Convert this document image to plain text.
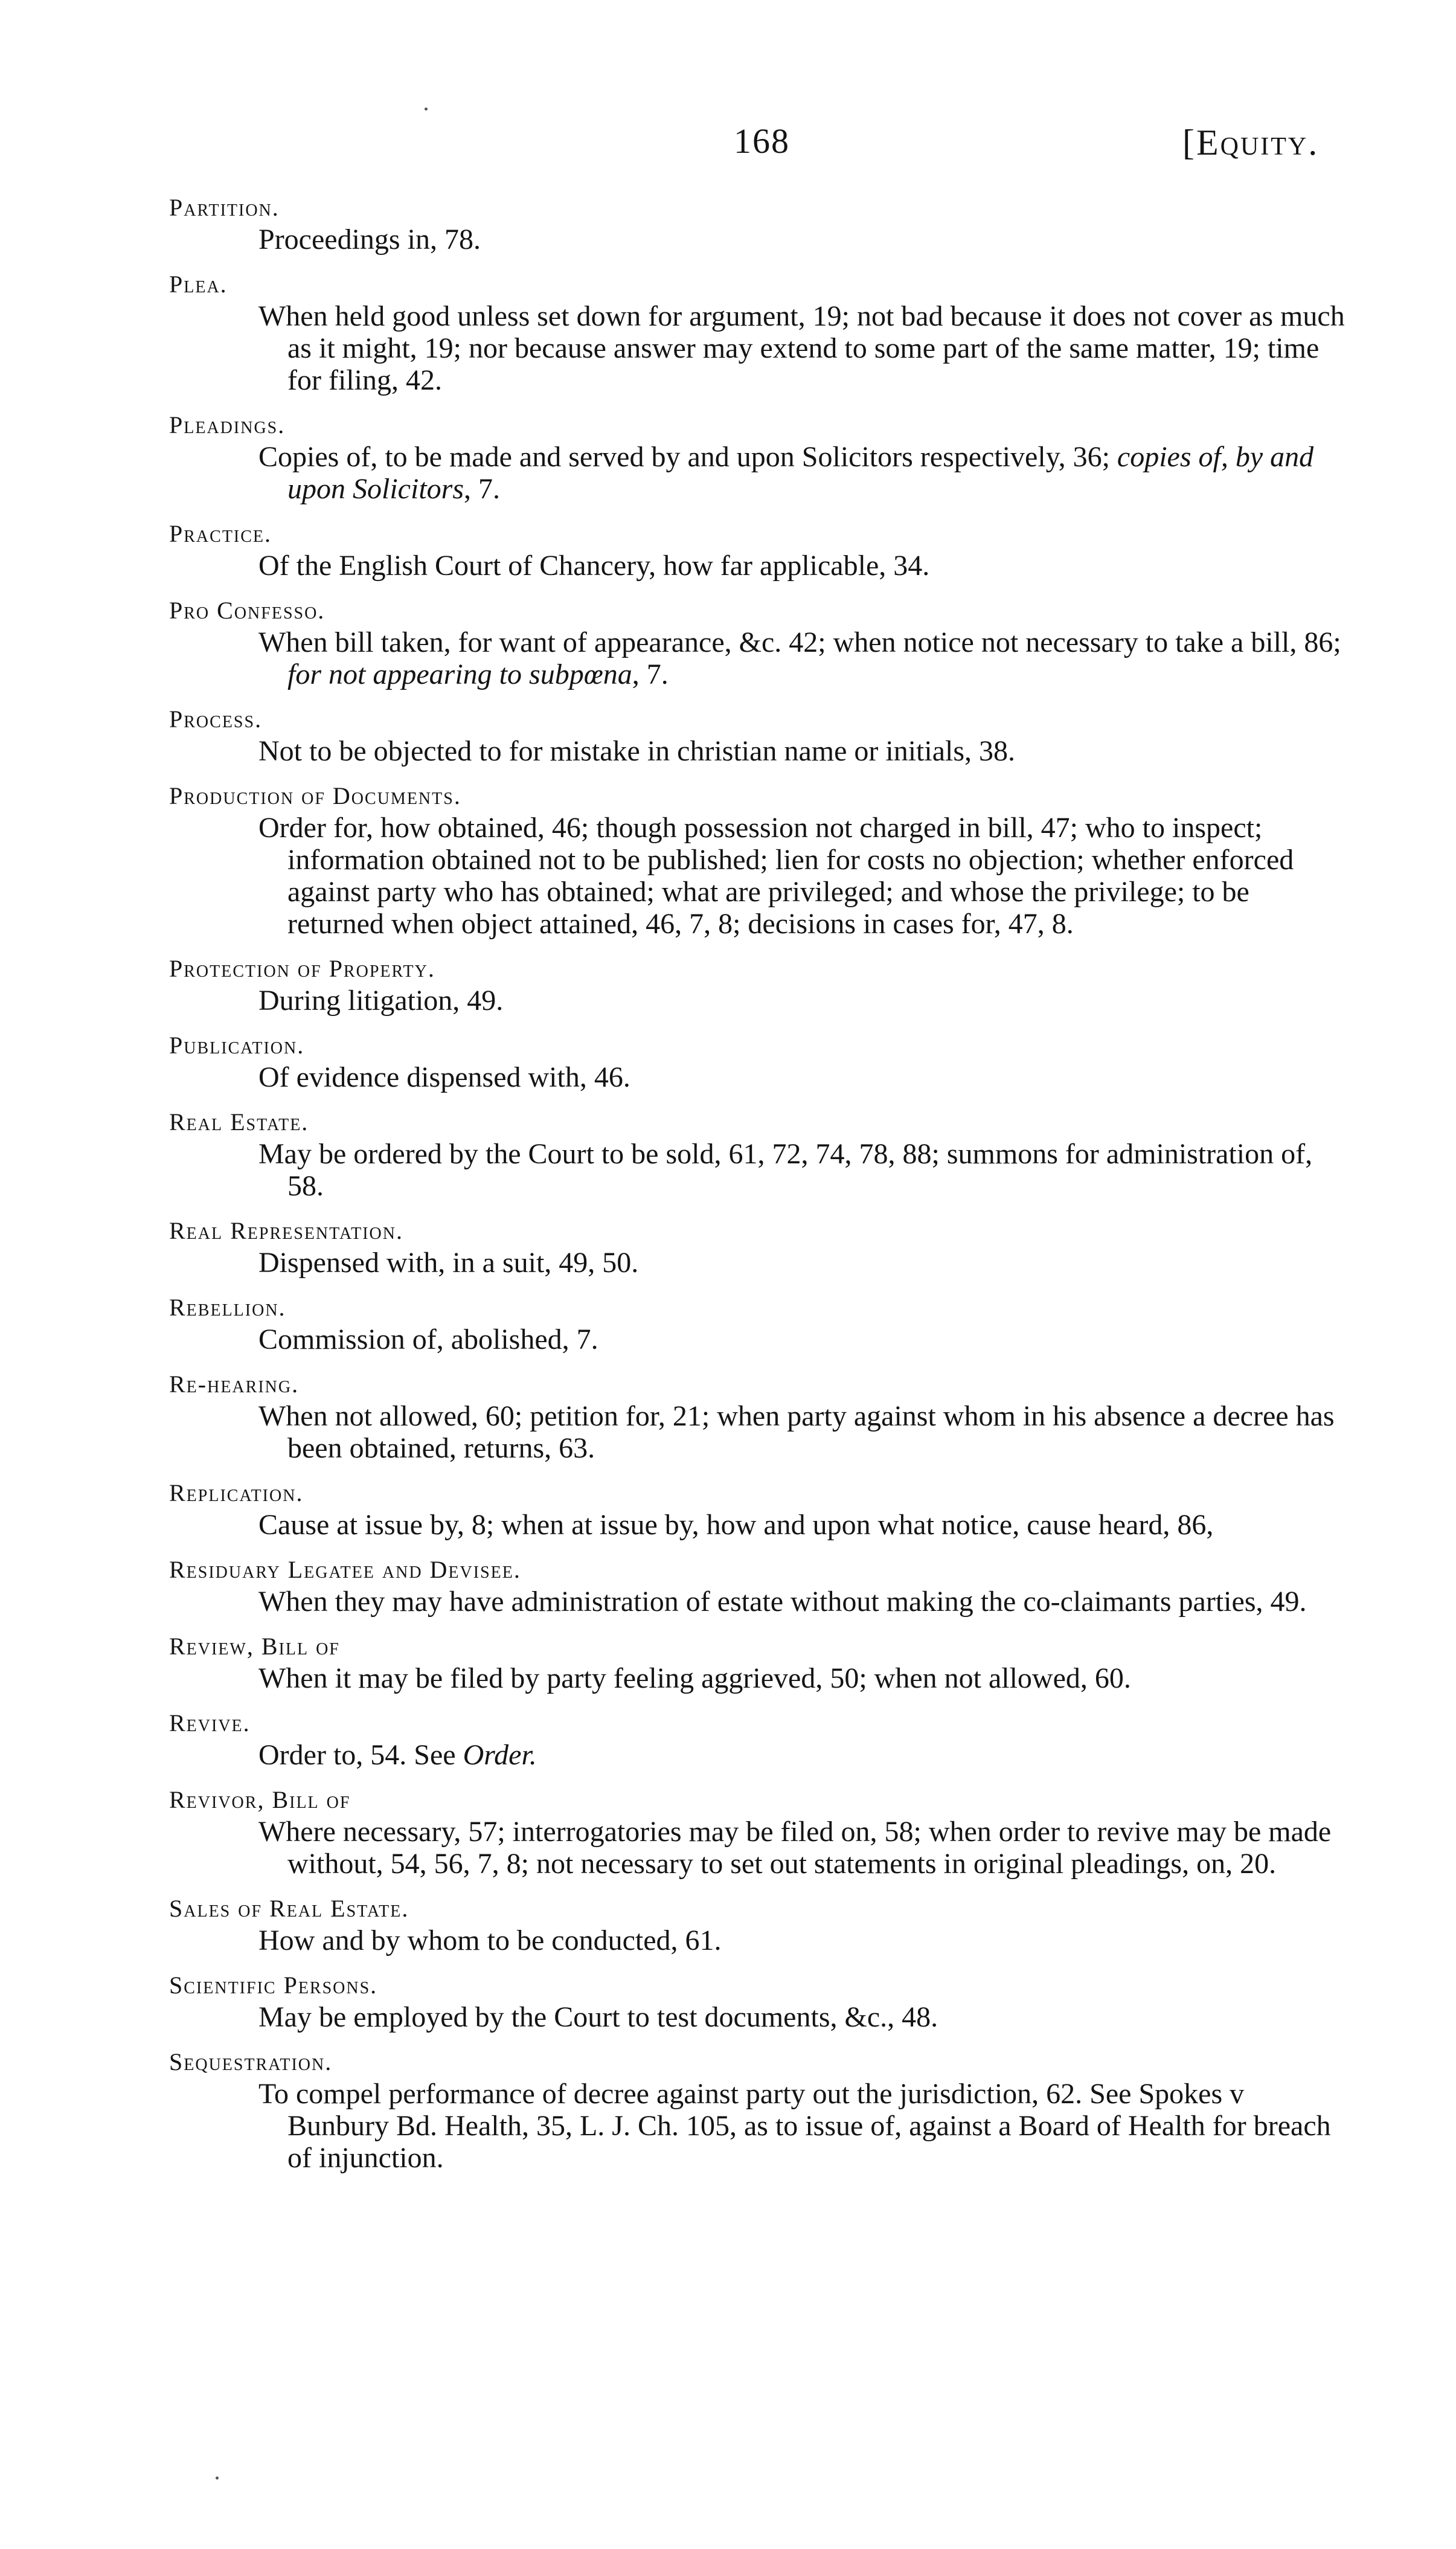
168	[Equity.
Partition.
Proceedings in, 78.
Plea.
When held good unless set down for argument, 19; not bad because it does not cover as much as it might, 19; nor because answer may extend to some part of the same matter, 19; time for filing, 42.
Pleadings.
Copies of, to be made and served by and upon Solicitors respectively, 36; copies of, by and upon Solicitors, 7.
Practice.
Of the English Court of Chancery, how far applicable, 34.
Pro Confesso.
When bill taken, for want of appearance, &c. 42; when notice not necessary to take a bill, 86; for not appearing to subpœna, 7.
Process.
Not to be objected to for mistake in christian name or initials, 38.
Production of Documents.
Order for, how obtained, 46; though possession not charged in bill, 47; who to inspect; information obtained not to be published; lien for costs no objection; whether enforced against party who has obtained; what are privileged; and whose the privilege; to be returned when object attained, 46, 7, 8; decisions in cases for, 47, 8.
Protection of Property.
During litigation, 49.
Publication.
Of evidence dispensed with, 46.
Real Estate.
May be ordered by the Court to be sold, 61, 72, 74, 78, 88; summons for administration of, 58.
Real Representation.
Dispensed with, in a suit, 49, 50.
Rebellion.
Commission of, abolished, 7.
Re-hearing.
When not allowed, 60; petition for, 21; when party against whom in his absence a decree has been obtained, returns, 63.
Replication.
Cause at issue by, 8; when at issue by, how and upon what notice, cause heard, 86,
Residuary Legatee and Devisee.
When they may have administration of estate without making the co-claimants parties, 49.
Review, Bill of
When it may be filed by party feeling aggrieved, 50; when not allowed, 60.
Revive.
Order to, 54. See Order.
Revivor, Bill of
Where necessary, 57; interrogatories may be filed on, 58; when order to revive may be made without, 54, 56, 7, 8; not necessary to set out statements in original pleadings, on, 20.
Sales of Real Estate.
How and by whom to be conducted, 61.
Scientific Persons.
May be employed by the Court to test documents, &c., 48.
Sequestration.
To compel performance of decree against party out the jurisdiction, 62. See Spokes v Bunbury Bd. Health, 35, L. J. Ch. 105, as to issue of, against a Board of Health for breach of injunction.
